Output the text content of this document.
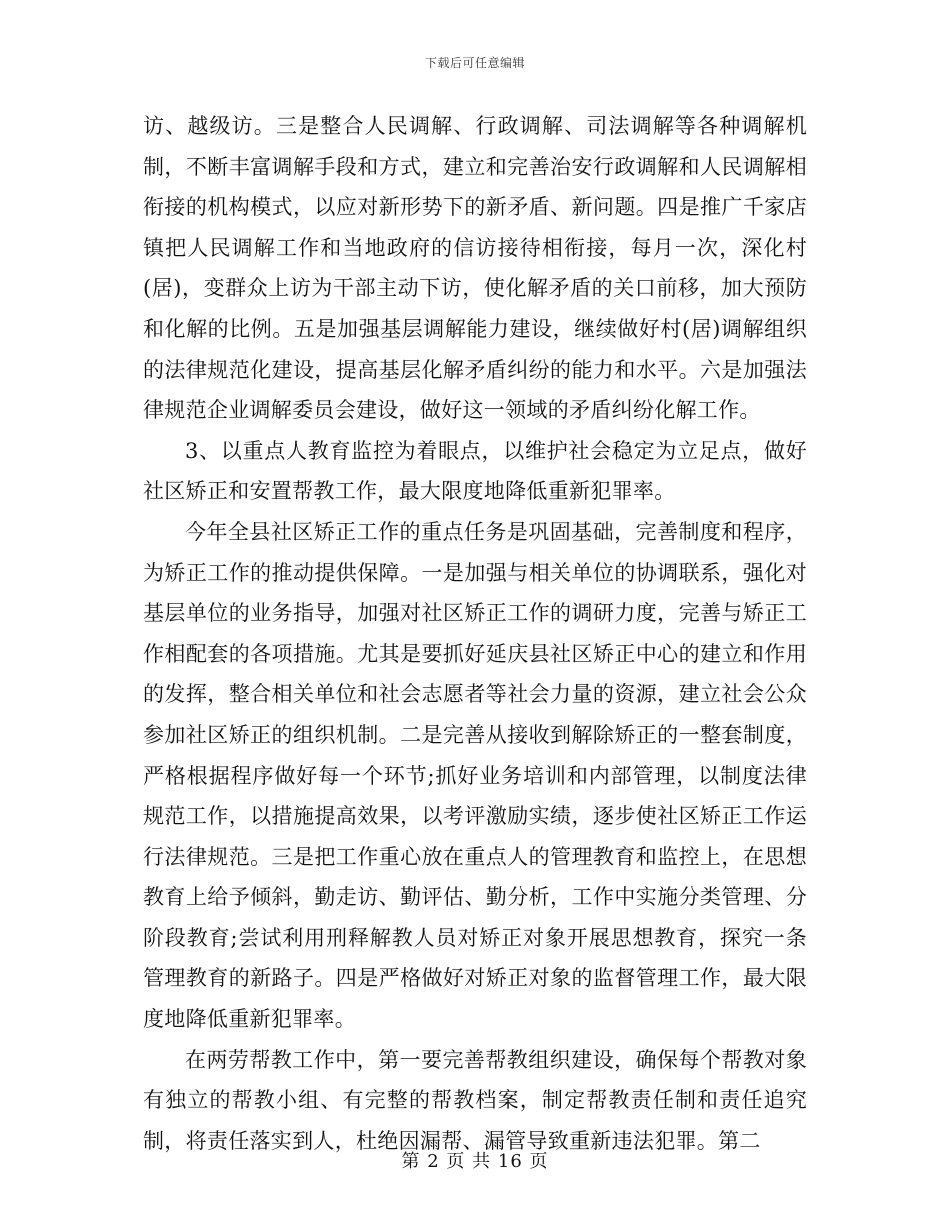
下载后可任意编辑

访、越级访。三是整合人民调解、行政调解、司法调解等各种调解机制，不断丰富调解手段和方式，建立和完善治安行政调解和人民调解相衔接的机构模式，以应对新形势下的新矛盾、新问题。四是推广千家店镇把人民调解工作和当地政府的信访接待相衔接，每月一次，深化村(居)，变群众上访为干部主动下访，使化解矛盾的关口前移，加大预防和化解的比例。五是加强基层调解能力建设，继续做好村(居)调解组织的法律规范化建设，提高基层化解矛盾纠纷的能力和水平。六是加强法律规范企业调解委员会建设，做好这一领域的矛盾纠纷化解工作。

3、以重点人教育监控为着眼点，以维护社会稳定为立足点，做好社区矫正和安置帮教工作，最大限度地降低重新犯罪率。

今年全县社区矫正工作的重点任务是巩固基础，完善制度和程序，为矫正工作的推动提供保障。一是加强与相关单位的协调联系，强化对基层单位的业务指导，加强对社区矫正工作的调研力度，完善与矫正工作相配套的各项措施。尤其是要抓好延庆县社区矫正中心的建立和作用的发挥，整合相关单位和社会志愿者等社会力量的资源，建立社会公众参加社区矫正的组织机制。二是完善从接收到解除矫正的一整套制度，严格根据程序做好每一个环节;抓好业务培训和内部管理，以制度法律规范工作，以措施提高效果，以考评激励实绩，逐步使社区矫正工作运行法律规范。三是把工作重心放在重点人的管理教育和监控上，在思想教育上给予倾斜，勤走访、勤评估、勤分析，工作中实施分类管理、分阶段教育;尝试利用刑释解教人员对矫正对象开展思想教育，探究一条管理教育的新路子。四是严格做好对矫正对象的监督管理工作，最大限度地降低重新犯罪率。

在两劳帮教工作中，第一要完善帮教组织建设，确保每个帮教对象有独立的帮教小组、有完整的帮教档案，制定帮教责任制和责任追究制，将责任落实到人，杜绝因漏帮、漏管导致重新违法犯罪。第二

第 2 页 共 16 页
